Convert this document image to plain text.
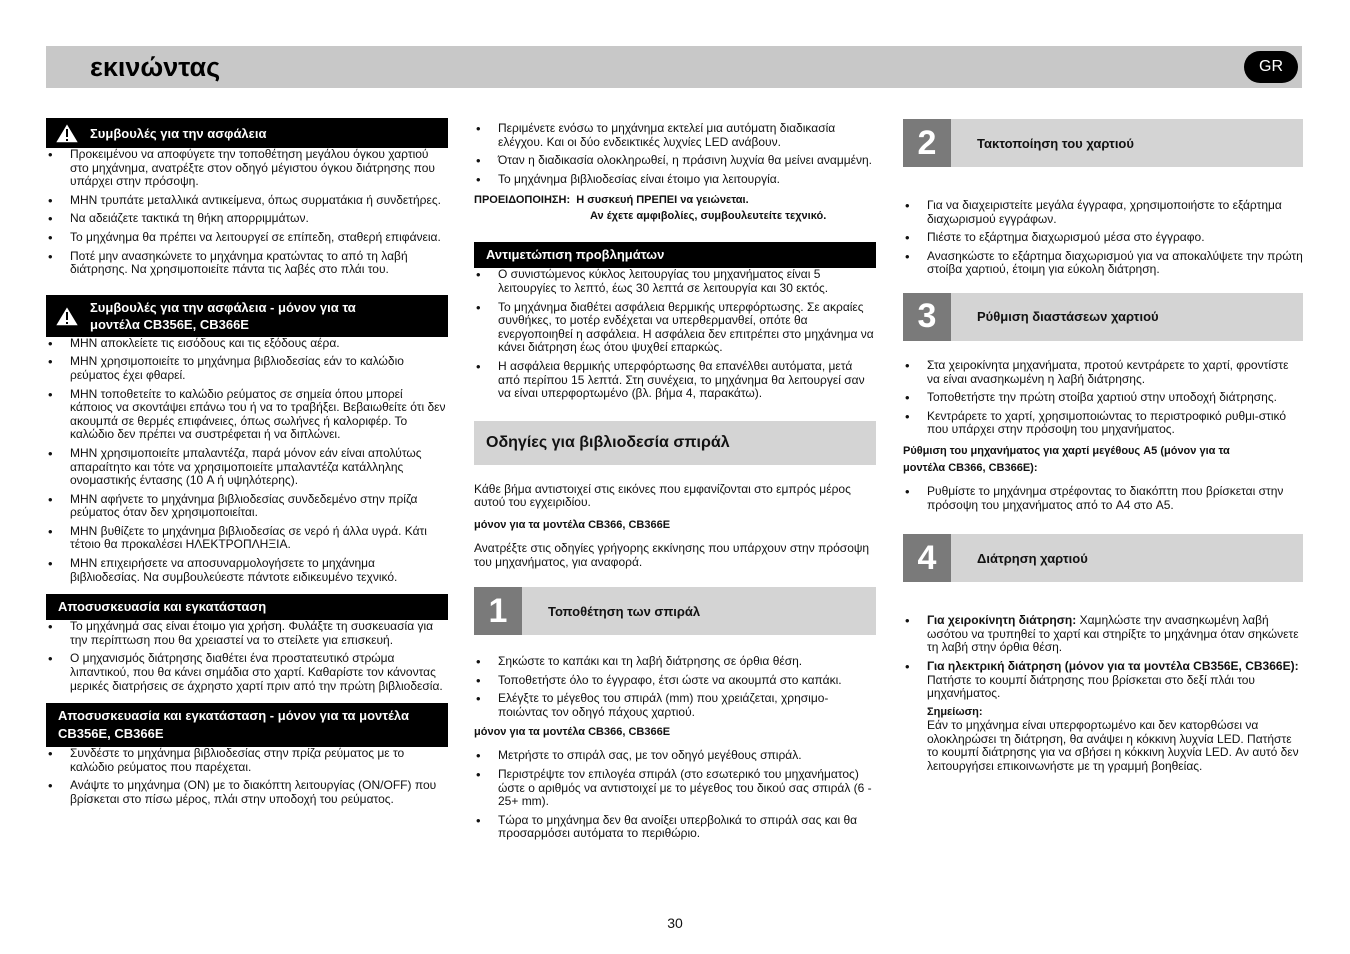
εκινώντας	GR
Συμβουλές για την ασφάλεια
• Προκειμένου να αποφύγετε την τοποθέτηση μεγάλου όγκου χαρτιού στο μηχάνημα, ανατρέξτε στον οδηγό μέγιστου όγκου διάτρησης που υπάρχει στην πρόσοψη.
• ΜΗΝ τρυπάτε μεταλλικά αντικείμενα, όπως συρματάκια ή συνδετήρες.
• Να αδειάζετε τακτικά τη θήκη απορριμμάτων.
• Το μηχάνημα θα πρέπει να λειτουργεί σε επίπεδη, σταθερή επιφάνεια.
• Ποτέ μην ανασηκώνετε το μηχάνημα κρατώντας το από τη λαβή διάτρησης. Να χρησιμοποιείτε πάντα τις λαβές στο πλάι του.
Συμβουλές για την ασφάλεια - μόνον για τα
μοντέλα CB356E, CB366E
• ΜΗΝ αποκλείετε τις εισόδους και τις εξόδους αέρα.
• ΜΗΝ χρησιμοποιείτε το μηχάνημα βιβλιοδεσίας εάν το καλώδιο ρεύματος έχει φθαρεί.
• ΜΗΝ τοποθετείτε το καλώδιο ρεύματος σε σημεία όπου μπορεί κάποιος να σκοντάψει επάνω του ή να το τραβήξει. Βεβαιωθείτε ότι δεν ακουμπά σε θερμές επιφάνειες, όπως σωλήνες ή καλοριφέρ. Το καλώδιο δεν πρέπει να συστρέφεται ή να διπλώνει.
• ΜΗΝ χρησιμοποιείτε μπαλαντέζα, παρά μόνον εάν είναι απολύτως απαραίτητο και τότε να χρησιμοποιείτε μπαλαντέζα κατάλληλης ονομαστικής έντασης (10 A ή υψηλότερης).
• ΜΗΝ αφήνετε το μηχάνημα βιβλιοδεσίας συνδεδεμένο στην πρίζα ρεύματος όταν δεν χρησιμοποιείται.
• ΜΗΝ βυθίζετε το μηχάνημα βιβλιοδεσίας σε νερό ή άλλα υγρά. Κάτι τέτοιο θα προκαλέσει ΗΛΕΚΤΡΟΠΛΗΞΙΑ.
• ΜΗΝ επιχειρήσετε να αποσυναρμολογήσετε το μηχάνημα βιβλιοδεσίας. Να συμβουλεύεστε πάντοτε ειδικευμένο τεχνικό.
Αποσυσκευασία και εγκατάσταση
• Το μηχάνημά σας είναι έτοιμο για χρήση. Φυλάξτε τη συσκευασία για την περίπτωση που θα χρειαστεί να το στείλετε για επισκευή.
• Ο μηχανισμός διάτρησης διαθέτει ένα προστατευτικό στρώμα λιπαντικού, που θα κάνει σημάδια στο χαρτί. Καθαρίστε τον κάνοντας μερικές διατρήσεις σε άχρηστο χαρτί πριν από την πρώτη βιβλιοδεσία.
Αποσυσκευασία και εγκατάσταση - μόνον για τα μοντέλα
CB356E, CB366E
• Συνδέστε το μηχάνημα βιβλιοδεσίας στην πρίζα ρεύματος με το καλώδιο ρεύματος που παρέχεται.
• Ανάψτε το μηχάνημα (ON) με το διακόπτη λειτουργίας (ON/OFF) που βρίσκεται στο πίσω μέρος, πλάι στην υποδοχή του ρεύματος.
• Περιμένετε ενόσω το μηχάνημα εκτελεί μια αυτόματη διαδικασία ελέγχου. Και οι δύο ενδεικτικές λυχνίες LED ανάβουν.
• Όταν η διαδικασία ολοκληρωθεί, η πράσινη λυχνία θα μείνει αναμμένη.
• Το μηχάνημα βιβλιοδεσίας είναι έτοιμο για λειτουργία.
ΠΡΟΕΙΔΟΠΟΙΗΣΗ: Η συσκευή ΠΡΕΠΕΙ να γειώνεται.
Αν έχετε αμφιβολίες, συμβουλευτείτε τεχνικό.
Αντιμετώπιση προβλημάτων
• Ο συνιστώμενος κύκλος λειτουργίας του μηχανήματος είναι 5 λειτουργίες το λεπτό, έως 30 λεπτά σε λειτουργία και 30 εκτός.
• Το μηχάνημα διαθέτει ασφάλεια θερμικής υπερφόρτωσης. Σε ακραίες συνθήκες, το μοτέρ ενδέχεται να υπερθερμανθεί, οπότε θα ενεργοποιηθεί η ασφάλεια. Η ασφάλεια δεν επιτρέπει στο μηχάνημα να κάνει διάτρηση έως ότου ψυχθεί επαρκώς.
• Η ασφάλεια θερμικής υπερφόρτωσης θα επανέλθει αυτόματα, μετά από περίπου 15 λεπτά. Στη συνέχεια, το μηχάνημα θα λειτουργεί σαν να είναι υπερφορτωμένο (βλ. βήμα 4, παρακάτω).
Οδηγίες για βιβλιοδεσία σπιράλ
Κάθε βήμα αντιστοιχεί στις εικόνες που εμφανίζονται στο εμπρός μέρος αυτού του εγχειριδίου.
μόνον για τα μοντέλα CB366, CB366E
Ανατρέξτε στις οδηγίες γρήγορης εκκίνησης που υπάρχουν στην πρόσοψη του μηχανήματος, για αναφορά.
1	Τοποθέτηση των σπιράλ
• Σηκώστε το καπάκι και τη λαβή διάτρησης σε όρθια θέση.
• Τοποθετήστε όλο το έγγραφο, έτσι ώστε να ακουμπά στο καπάκι.
• Ελέγξτε το μέγεθος του σπιράλ (mm) που χρειάζεται, χρησιμο-ποιώντας τον οδηγό πάχους χαρτιού.
μόνον για τα μοντέλα CB366, CB366E
• Μετρήστε το σπιράλ σας, με τον οδηγό μεγέθους σπιράλ.
• Περιστρέψτε τον επιλογέα σπιράλ (στο εσωτερικό του μηχανήματος) ώστε ο αριθμός να αντιστοιχεί με το μέγεθος του δικού σας σπιράλ (6 - 25+ mm).
• Τώρα το μηχάνημα δεν θα ανοίξει υπερβολικά το σπιράλ σας και θα προσαρμόσει αυτόματα το περιθώριο.
2	Τακτοποίηση του χαρτιού
• Για να διαχειριστείτε μεγάλα έγγραφα, χρησιμοποιήστε το εξάρτημα διαχωρισμού εγγράφων.
• Πιέστε το εξάρτημα διαχωρισμού μέσα στο έγγραφο.
• Ανασηκώστε το εξάρτημα διαχωρισμού για να αποκαλύψετε την πρώτη στοίβα χαρτιού, έτοιμη για εύκολη διάτρηση.
3	Ρύθμιση διαστάσεων χαρτιού
• Στα χειροκίνητα μηχανήματα, προτού κεντράρετε το χαρτί, φροντίστε να είναι ανασηκωμένη η λαβή διάτρησης.
• Τοποθετήστε την πρώτη στοίβα χαρτιού στην υποδοχή διάτρησης.
• Κεντράρετε το χαρτί, χρησιμοποιώντας το περιστροφικό ρυθμι-στικό που υπάρχει στην πρόσοψη του μηχανήματος.
Ρύθμιση του μηχανήματος για χαρτί μεγέθους A5 (μόνον για τα
μοντέλα CB366, CB366E):
• Ρυθμίστε το μηχάνημα στρέφοντας το διακόπτη που βρίσκεται στην πρόσοψη του μηχανήματος από το A4 στο A5.
4	Διάτρηση χαρτιού
• Για χειροκίνητη διάτρηση: Χαμηλώστε την ανασηκωμένη λαβή ωσότου να τρυπηθεί το χαρτί και στηρίξτε το μηχάνημα όταν σηκώνετε τη λαβή στην όρθια θέση.
• Για ηλεκτρική διάτρηση (μόνον για τα μοντέλα CB356E, CB366E):
Πατήστε το κουμπί διάτρησης που βρίσκεται στο δεξί πλάι του μηχανήματος.
Σημείωση:
Εάν το μηχάνημα είναι υπερφορτωμένο και δεν κατορθώσει να ολοκληρώσει τη διάτρηση, θα ανάψει η κόκκινη λυχνία LED. Πατήστε το κουμπί διάτρησης για να σβήσει η κόκκινη λυχνία LED. Αν αυτό δεν λειτουργήσει επικοινωνήστε με τη γραμμή βοηθείας.
30
